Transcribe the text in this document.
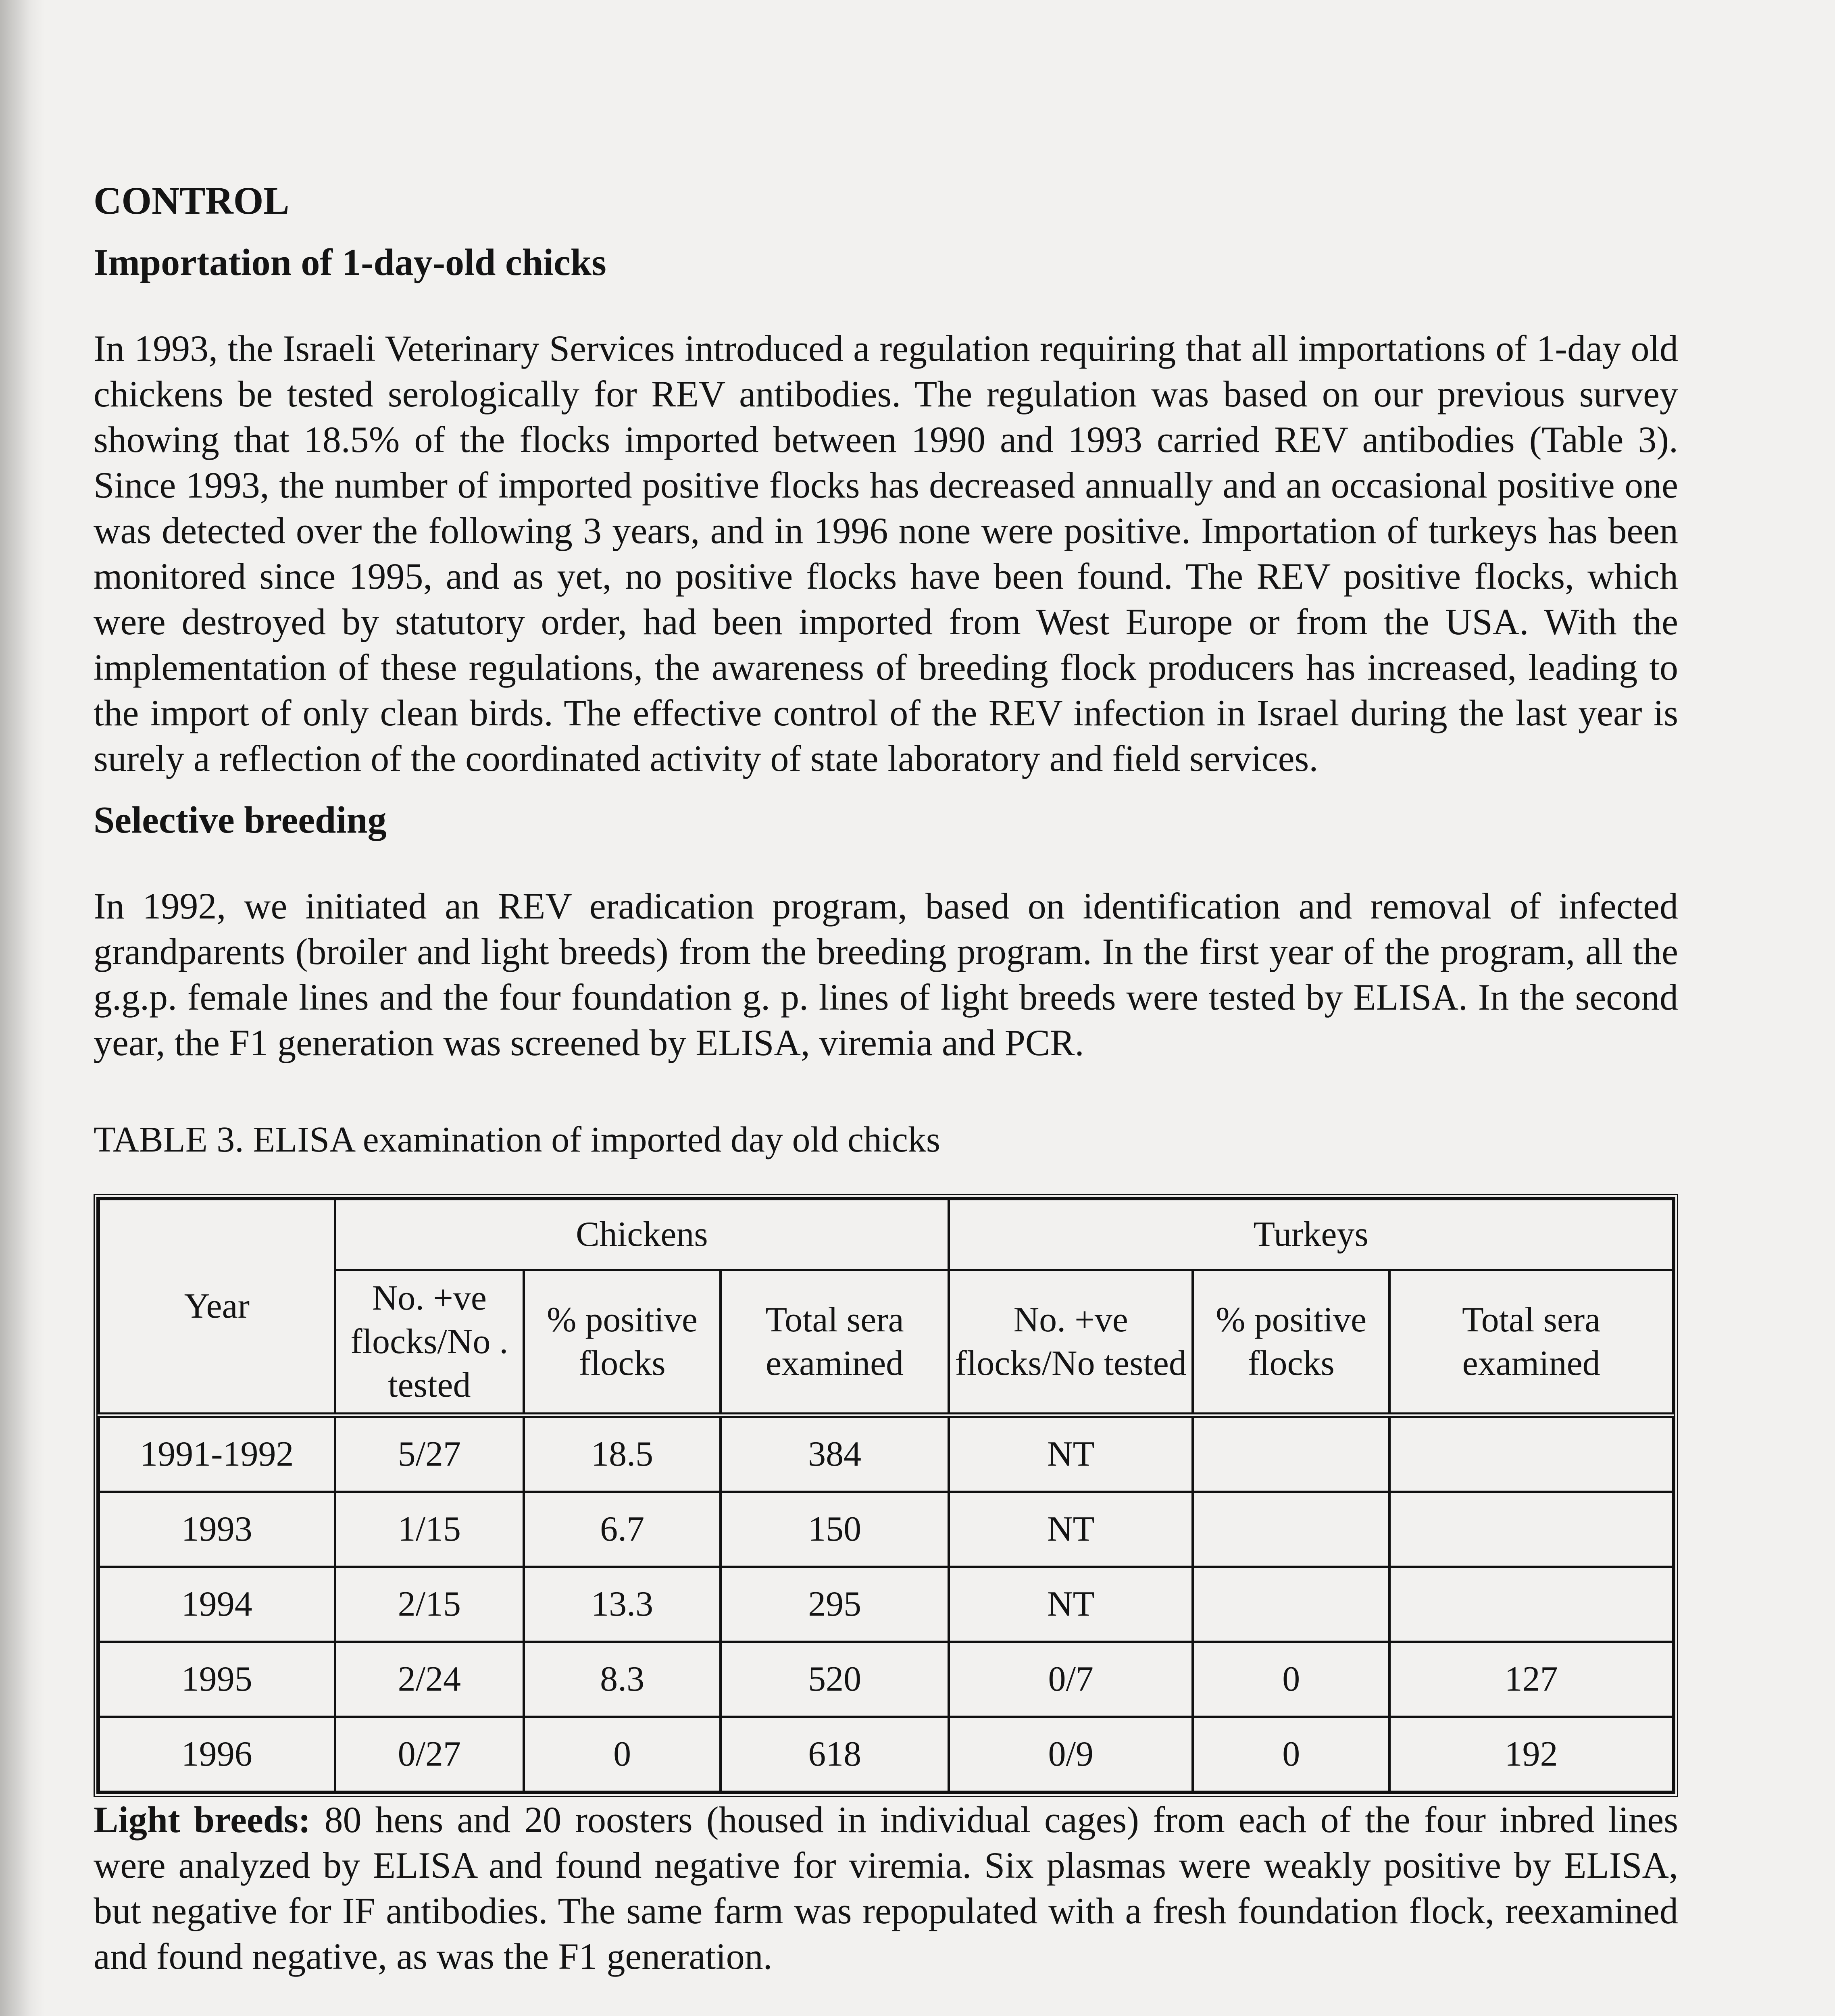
CONTROL
Importation of 1-day-old chicks

In 1993, the Israeli Veterinary Services introduced a regulation requiring that all importations of 1-day old chickens be tested serologically for REV antibodies. The regulation was based on our previous survey showing that 18.5% of the flocks imported between 1990 and 1993 carried REV antibodies (Table 3). Since 1993, the number of imported positive flocks has decreased annually and an occasional positive one was detected over the following 3 years, and in 1996 none were positive. Importation of turkeys has been monitored since 1995, and as yet, no positive flocks have been found. The REV positive flocks, which were destroyed by statutory order, had been imported from West Europe or from the USA. With the implementation of these regulations, the awareness of breeding flock producers has increased, leading to the import of only clean birds. The effective control of the REV infection in Israel during the last year is surely a reflection of the coordinated activity of state laboratory and field services.

Selective breeding

In 1992, we initiated an REV eradication program, based on identification and removal of infected grandparents (broiler and light breeds) from the breeding program. In the first year of the program, all the g.g.p. female lines and the four foundation g. p. lines of light breeds were tested by ELISA. In the second year, the F1 generation was screened by ELISA, viremia and PCR.

TABLE 3. ELISA examination of imported day old chicks

Year	Chickens			Turkeys		
	No. +ve flocks/No . tested	% positive flocks	Total sera examined	No. +ve flocks/No tested	% positive flocks	Total sera examined
1991-1992	5/27	18.5	384	NT		
1993	1/15	6.7	150	NT		
1994	2/15	13.3	295	NT		
1995	2/24	8.3	520	0/7	0	127
1996	0/27	0	618	0/9	0	192

Light breeds: 80 hens and 20 roosters (housed in individual cages) from each of the four inbred lines were analyzed by ELISA and found negative for viremia. Six plasmas were weakly positive by ELISA, but negative for IF antibodies. The same farm was repopulated with a fresh foundation flock, reexamined and found negative, as was the F1 generation.
